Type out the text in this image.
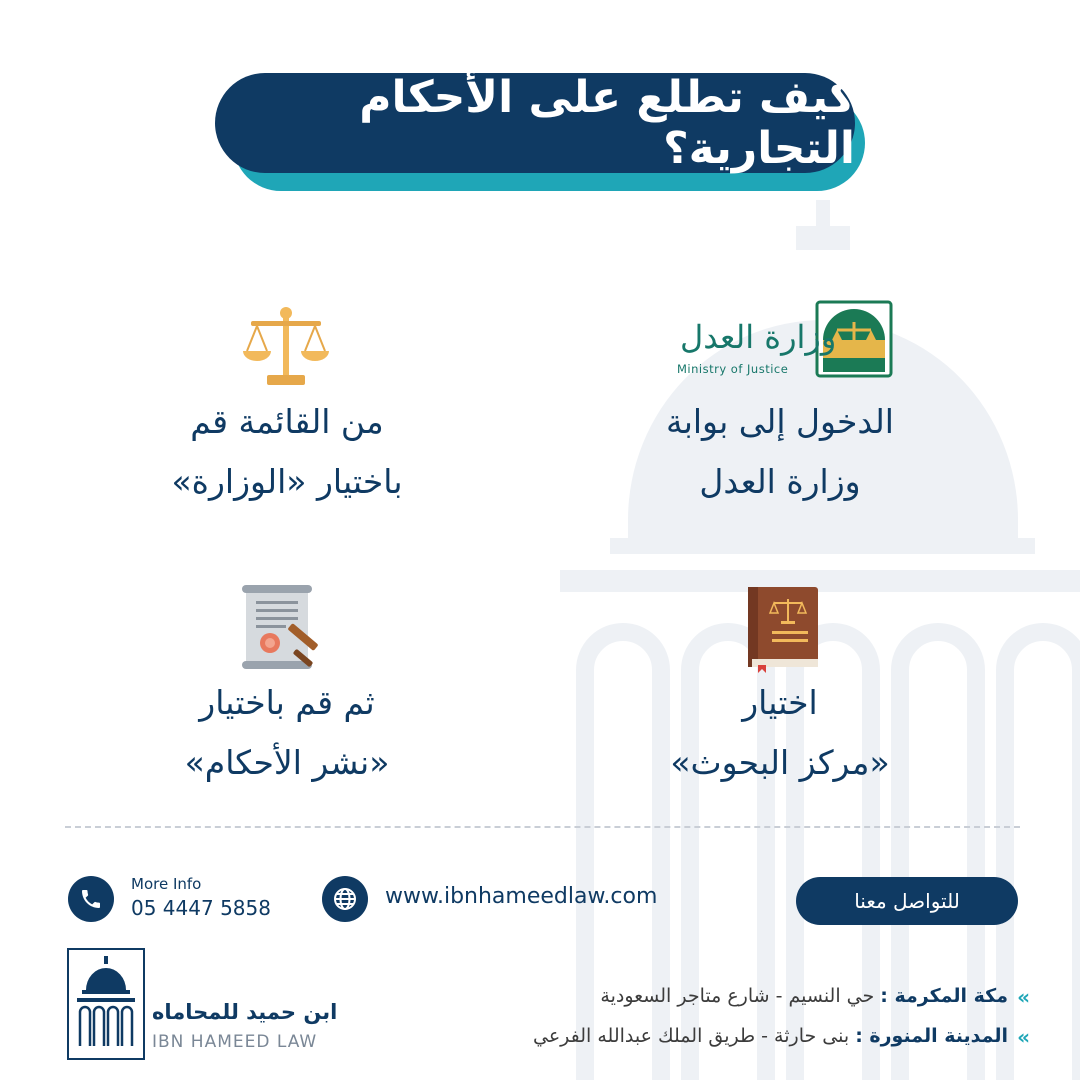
كيف تطلع على الأحكام التجارية؟
وزارة العدل
Ministry of Justice
الدخول إلى بوابة
وزارة العدل
من القائمة قم
باختيار «الوزارة»
اختيار
«مركز البحوث»
ثم قم باختيار
«نشر الأحكام»
More Info
05 4447 5858	www.ibnhameedlaw.com	للتواصل معنا
«
مكة المكرمة : حي النسيم - شارع متاجر السعودية
«
المدينة المنورة : بنى حارثة - طريق الملك عبدالله الفرعي
ابن حميد للمحاماه
IBN HAMEED LAW
